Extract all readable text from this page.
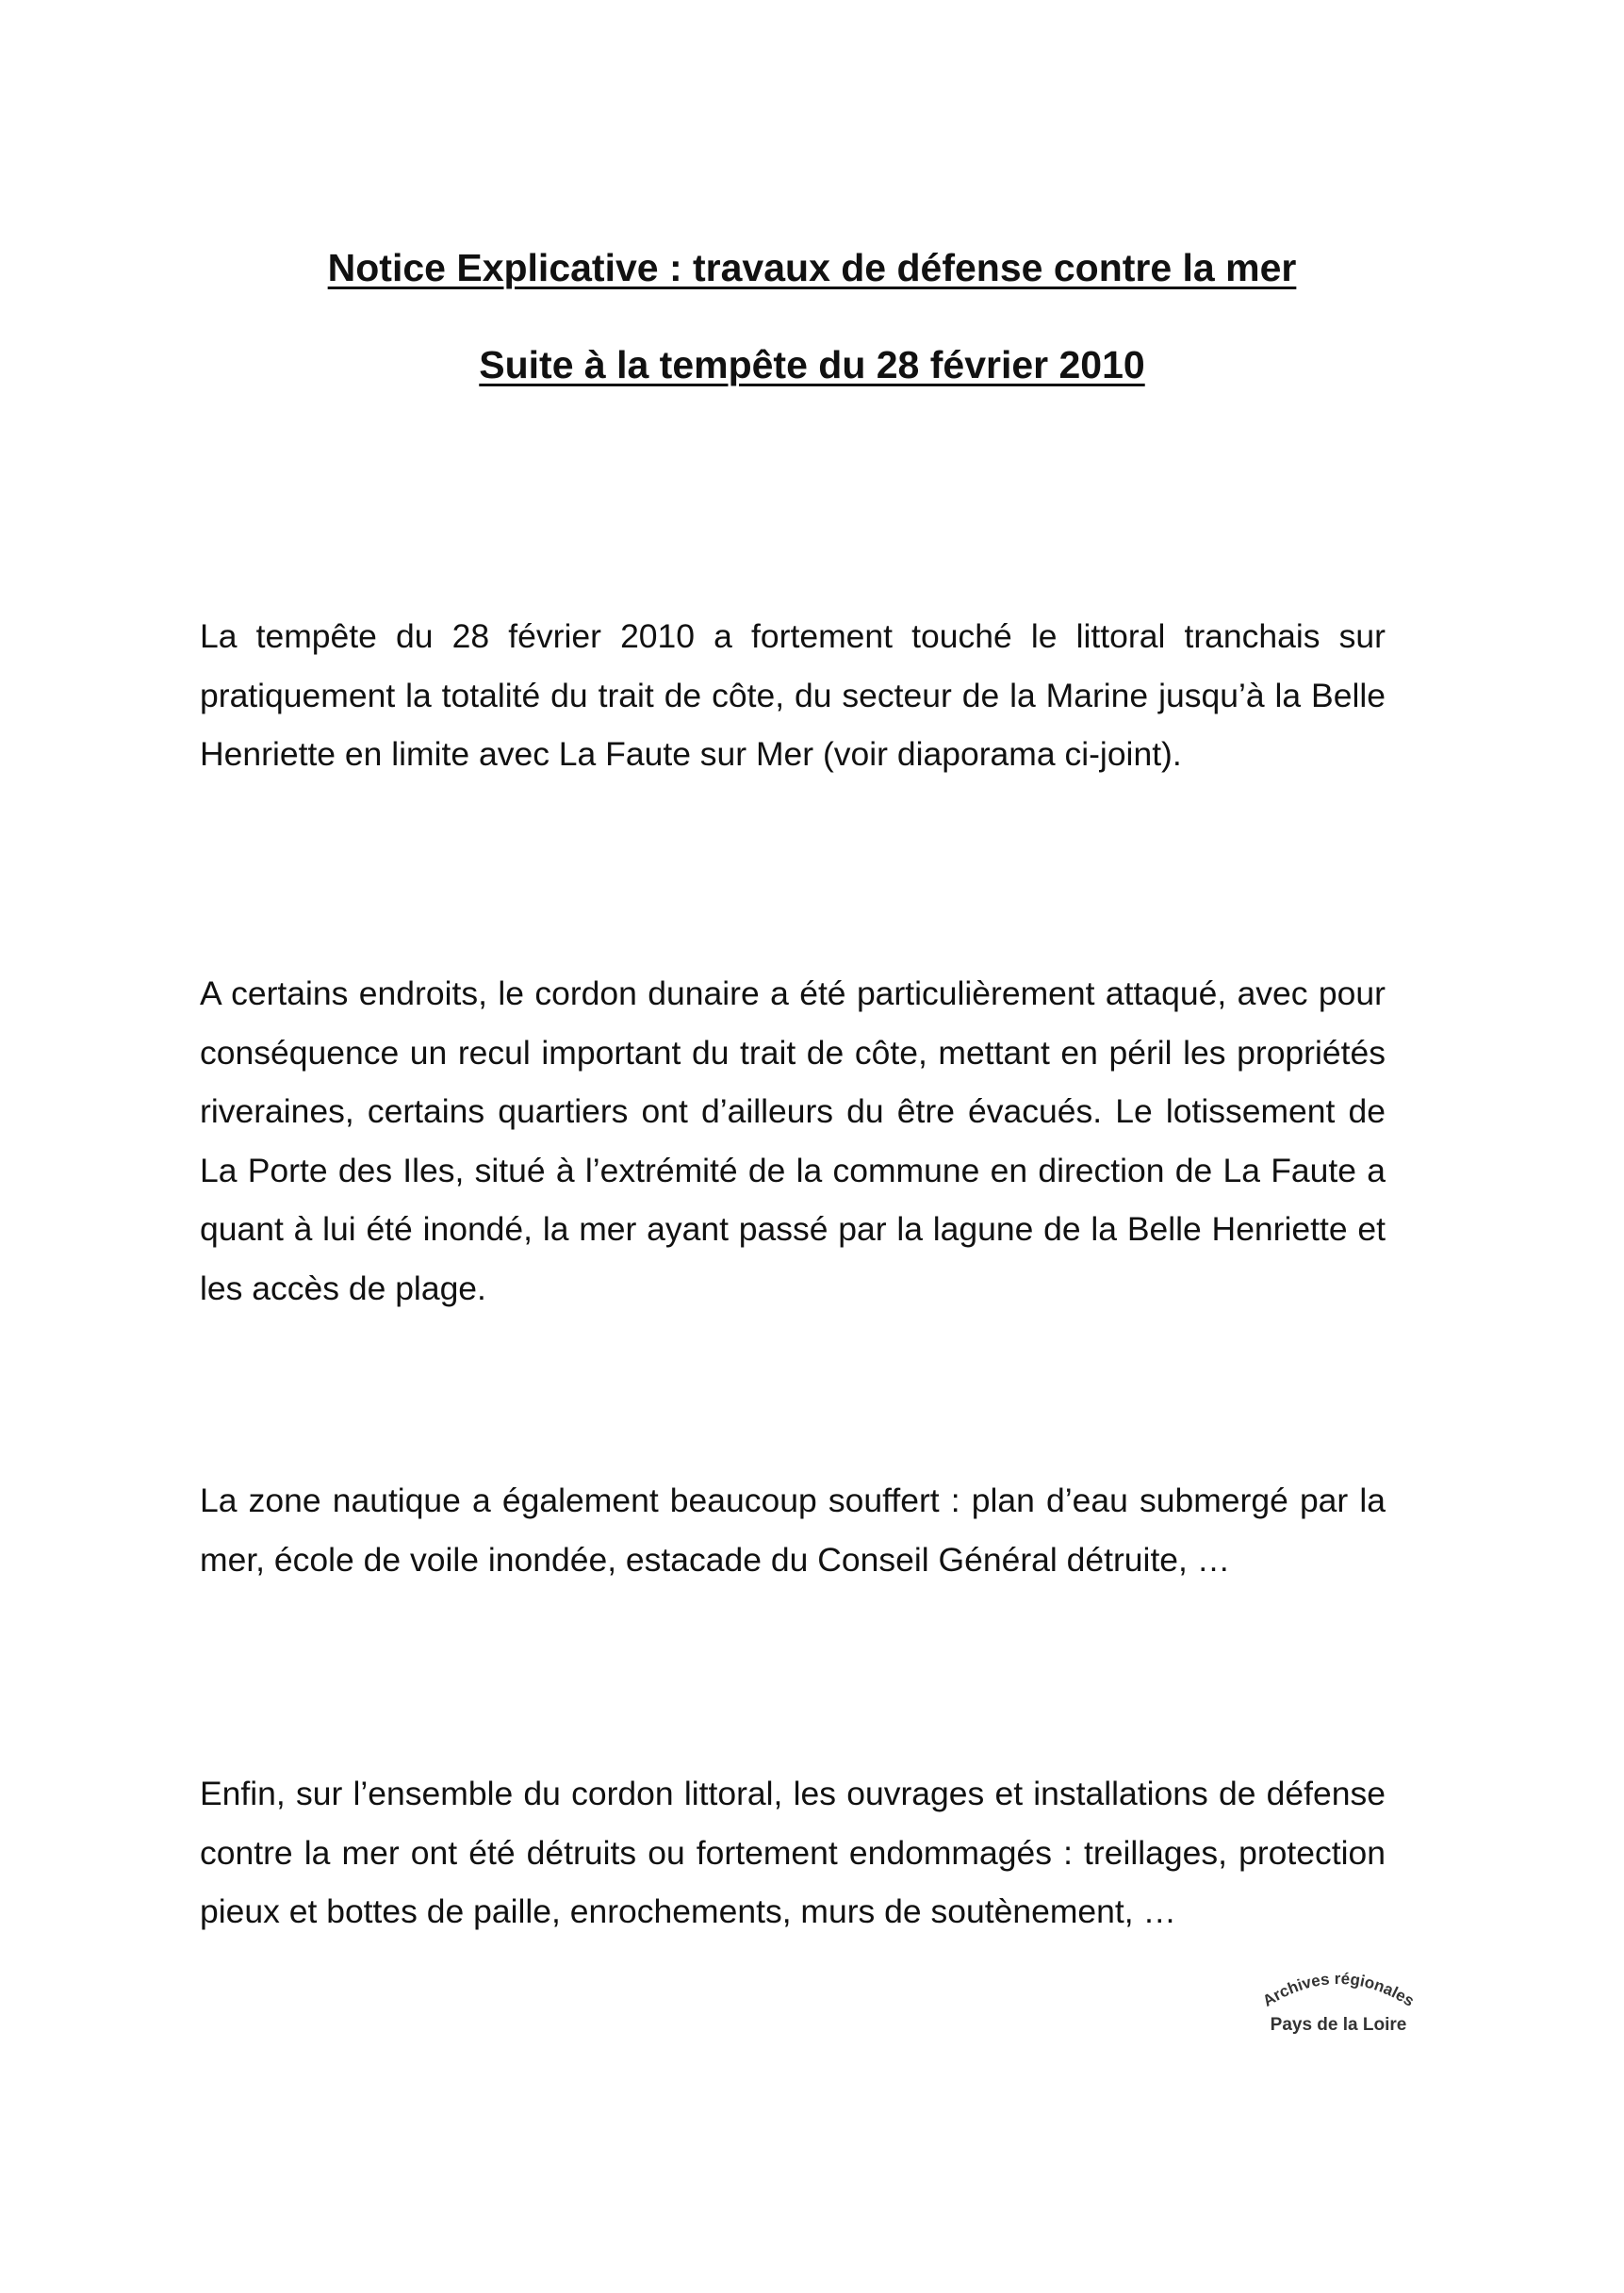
Notice Explicative : travaux de défense contre la mer
Suite à la tempête du 28 février 2010

La tempête du 28 février 2010 a fortement touché le littoral tranchais sur pratiquement la totalité du trait de côte, du secteur de la Marine jusqu’à la Belle Henriette en limite avec La Faute sur Mer (voir diaporama ci-joint).

A certains endroits, le cordon dunaire a été particulièrement attaqué, avec pour conséquence un recul important du trait de côte, mettant en péril les propriétés riveraines, certains quartiers ont d’ailleurs du être évacués. Le lotissement de La Porte des Iles, situé à l’extrémité de la commune en direction de La Faute a quant à lui été inondé, la mer ayant passé par la lagune de la Belle Henriette et les accès de plage.

La zone nautique a également beaucoup souffert : plan d’eau submergé par la mer, école de voile inondée, estacade du Conseil Général détruite, …

Enfin, sur l’ensemble du cordon littoral, les ouvrages et installations de défense contre la mer ont été détruits ou fortement endommagés : treillages, protection pieux et bottes de paille, enrochements, murs de soutènement, …

Archives régionales
Pays de la Loire
